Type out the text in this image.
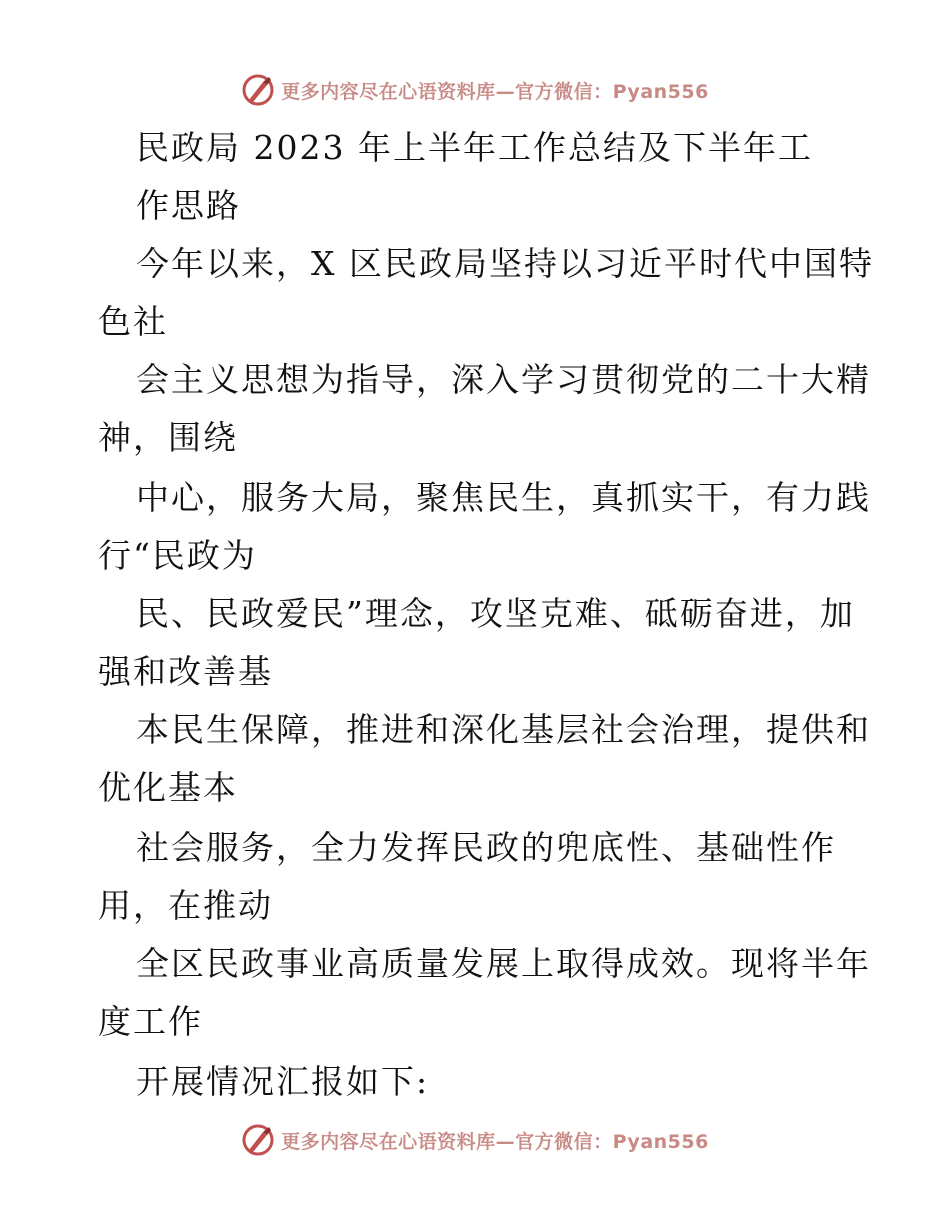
更多内容尽在心语资料库—官方微信：Pyan556

民政局 2023 年上半年工作总结及下半年工

作思路

今年以来，X 区民政局坚持以习近平时代中国特

色社

会主义思想为指导，深入学习贯彻党的二十大精

神，围绕

中心，服务大局，聚焦民生，真抓实干，有力践

行“民政为

民、民政爱民”理念，攻坚克难、砥砺奋进，加

强和改善基

本民生保障，推进和深化基层社会治理，提供和

优化基本

社会服务，全力发挥民政的兜底性、基础性作

用，在推动

全区民政事业高质量发展上取得成效。现将半年

度工作

开展情况汇报如下:

更多内容尽在心语资料库—官方微信：Pyan556
